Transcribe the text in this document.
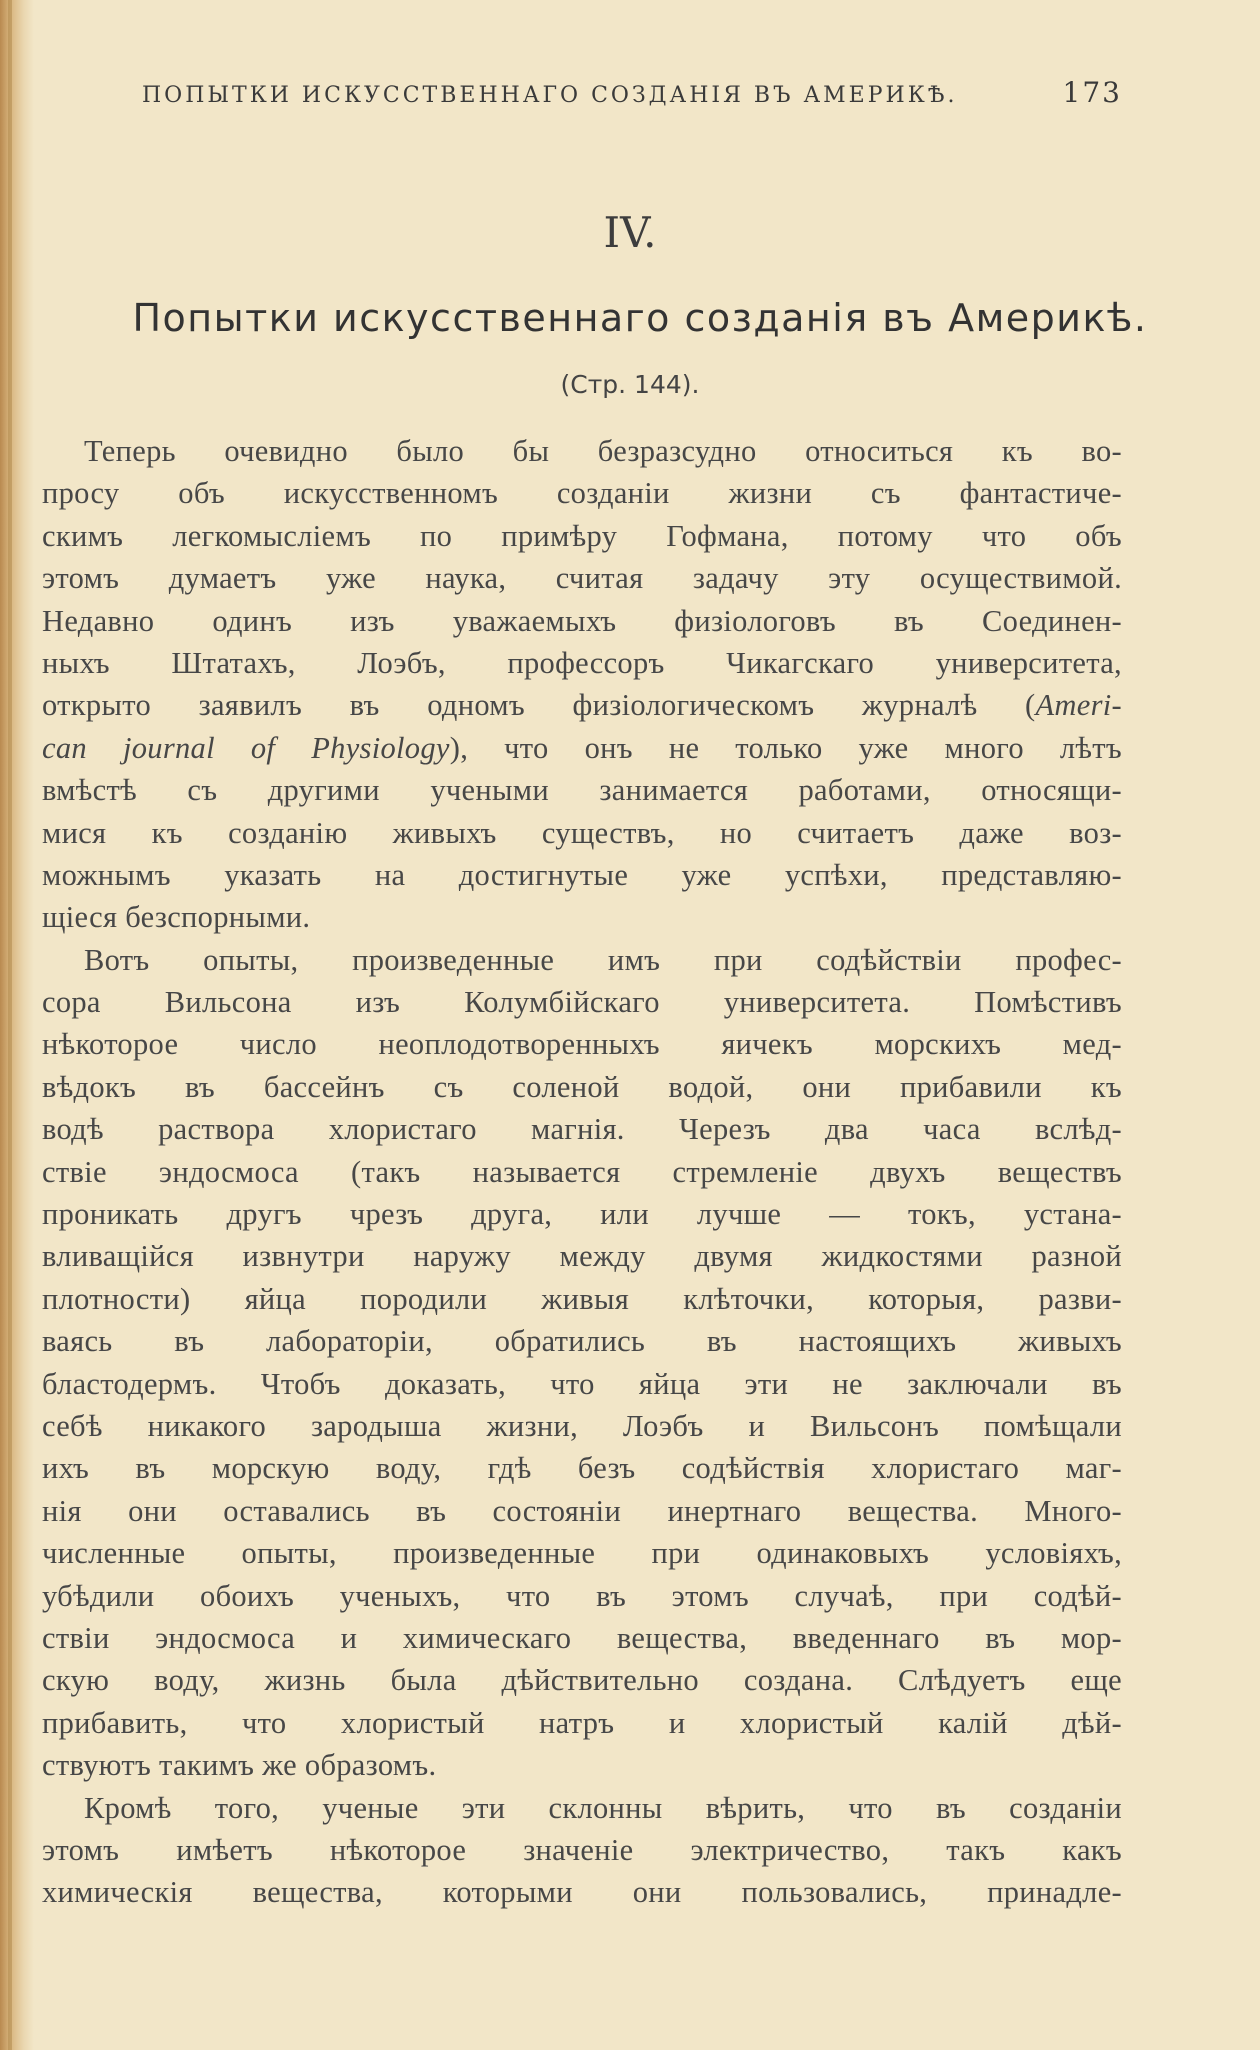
ПОПЫТКИ ИСКУССТВЕННАГО СОЗДАНІЯ ВЪ АМЕРИКѢ.	173
IV.
Попытки искусственнаго созданія въ Америкѣ.
(Стр. 144).
Теперь очевидно было бы безразсудно относиться къ во-
просу объ искусственномъ созданіи жизни съ фантастиче-
скимъ легкомысліемъ по примѣру Гофмана, потому что объ
этомъ думаетъ уже наука, считая задачу эту осуществимой.
Недавно одинъ изъ уважаемыхъ физіологовъ въ Соединен-
ныхъ Штатахъ, Лоэбъ, профессоръ Чикагскаго университета,
открыто заявилъ въ одномъ физіологическомъ журналѣ (Ameri-
can journal of Physiology), что онъ не только уже много лѣтъ
вмѣстѣ съ другими учеными занимается работами, относящи-
мися къ созданію живыхъ существъ, но считаетъ даже воз-
можнымъ указать на достигнутые уже успѣхи, представляю-
щіеся безспорными.
Вотъ опыты, произведенные имъ при содѣйствіи профес-
сора Вильсона изъ Колумбійскаго университета. Помѣстивъ
нѣкоторое число неоплодотворенныхъ яичекъ морскихъ мед-
вѣдокъ въ бассейнъ съ соленой водой, они прибавили къ
водѣ раствора хлористаго магнія. Черезъ два часа вслѣд-
ствіе эндосмоса (такъ называется стремленіе двухъ веществъ
проникать другъ чрезъ друга, или лучше — токъ, устана-
вливащійся извнутри наружу между двумя жидкостями разной
плотности) яйца породили живыя клѣточки, которыя, разви-
ваясь въ лабораторіи, обратились въ настоящихъ живыхъ
бластодермъ. Чтобъ доказать, что яйца эти не заключали въ
себѣ никакого зародыша жизни, Лоэбъ и Вильсонъ помѣщали
ихъ въ морскую воду, гдѣ безъ содѣйствія хлористаго маг-
нія они оставались въ состояніи инертнаго вещества. Много-
численные опыты, произведенные при одинаковыхъ условіяхъ,
убѣдили обоихъ ученыхъ, что въ этомъ случаѣ, при содѣй-
ствіи эндосмоса и химическаго вещества, введеннаго въ мор-
скую воду, жизнь была дѣйствительно создана. Слѣдуетъ еще
прибавить, что хлористый натръ и хлористый калій дѣй-
ствуютъ такимъ же образомъ.
Кромѣ того, ученые эти склонны вѣрить, что въ созданіи
этомъ имѣетъ нѣкоторое значеніе электричество, такъ какъ
химическія вещества, которыми они пользовались, принадле-
